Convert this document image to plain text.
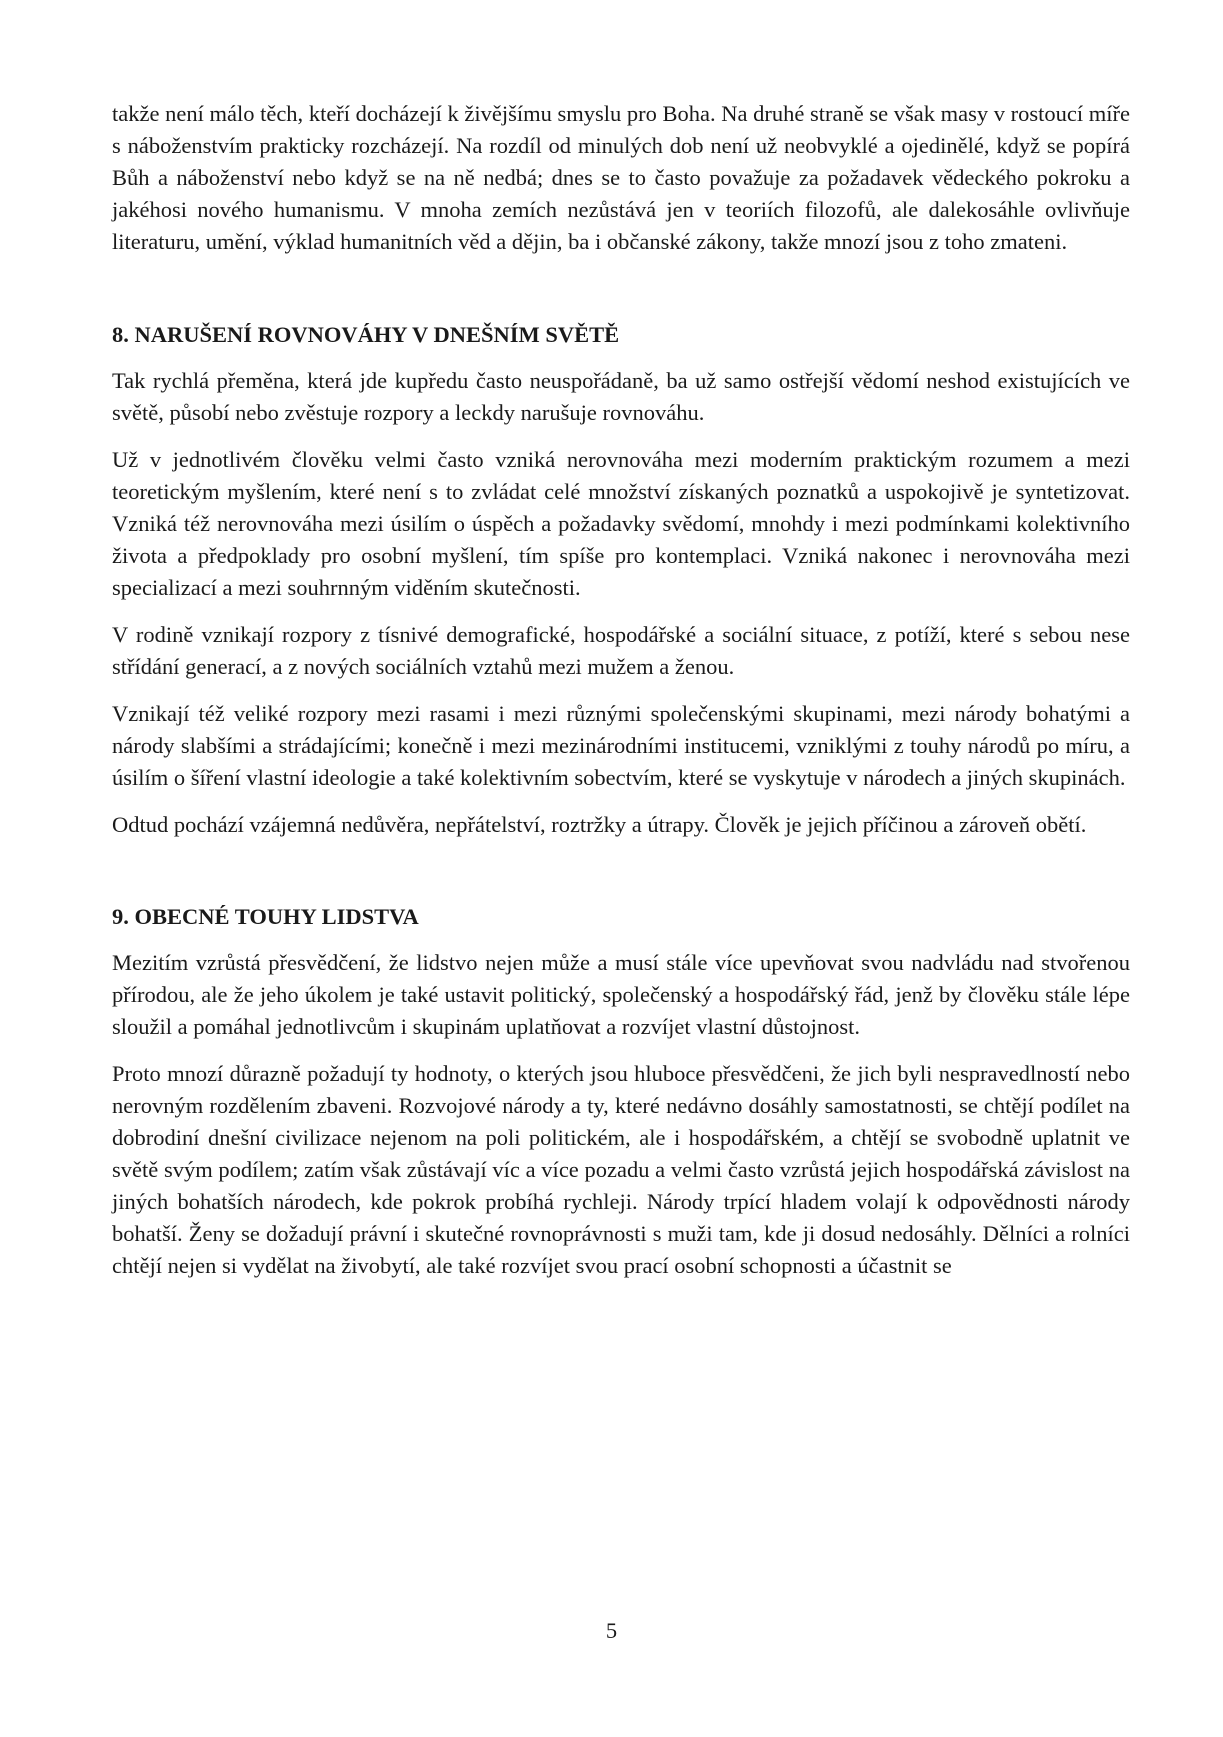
takže není málo těch, kteří docházejí k živějšímu smyslu pro Boha. Na druhé straně se však masy v rostoucí míře s náboženstvím prakticky rozcházejí. Na rozdíl od minulých dob není už neobvyklé a ojedinělé, když se popírá Bůh a náboženství nebo když se na ně nedbá; dnes se to často považuje za požadavek vědeckého pokroku a jakéhosi nového humanismu. V mnoha zemích nezůstává jen v teoriích filozofů, ale dalekosáhle ovlivňuje literaturu, umění, výklad humanitních věd a dějin, ba i občanské zákony, takže mnozí jsou z toho zmateni.

8. NARUŠENÍ ROVNOVÁHY V DNEŠNÍM SVĚTĚ

Tak rychlá přeměna, která jde kupředu často neuspořádaně, ba už samo ostřejší vědomí neshod existujících ve světě, působí nebo zvěstuje rozpory a leckdy narušuje rovnováhu.

Už v jednotlivém člověku velmi často vzniká nerovnováha mezi moderním praktickým rozumem a mezi teoretickým myšlením, které není s to zvládat celé množství získaných poznatků a uspokojivě je syntetizovat. Vzniká též nerovnováha mezi úsilím o úspěch a požadavky svědomí, mnohdy i mezi podmínkami kolektivního života a předpoklady pro osobní myšlení, tím spíše pro kontemplaci. Vzniká nakonec i nerovnováha mezi specializací a mezi souhrnným viděním skutečnosti.

V rodině vznikají rozpory z tísnivé demografické, hospodářské a sociální situace, z potíží, které s sebou nese střídání generací, a z nových sociálních vztahů mezi mužem a ženou.

Vznikají též veliké rozpory mezi rasami i mezi různými společenskými skupinami, mezi národy bohatými a národy slabšími a strádajícími; konečně i mezi mezinárodními institucemi, vzniklými z touhy národů po míru, a úsilím o šíření vlastní ideologie a také kolektivním sobectvím, které se vyskytuje v národech a jiných skupinách.

Odtud pochází vzájemná nedůvěra, nepřátelství, roztržky a útrapy. Člověk je jejich příčinou a zároveň obětí.

9. OBECNÉ TOUHY LIDSTVA

Mezitím vzrůstá přesvědčení, že lidstvo nejen může a musí stále více upevňovat svou nadvládu nad stvořenou přírodou, ale že jeho úkolem je také ustavit politický, společenský a hospodářský řád, jenž by člověku stále lépe sloužil a pomáhal jednotlivcům i skupinám uplatňovat a rozvíjet vlastní důstojnost.

Proto mnozí důrazně požadují ty hodnoty, o kterých jsou hluboce přesvědčeni, že jich byli nespravedlností nebo nerovným rozdělením zbaveni. Rozvojové národy a ty, které nedávno dosáhly samostatnosti, se chtějí podílet na dobrodiní dnešní civilizace nejenom na poli politickém, ale i hospodářském, a chtějí se svobodně uplatnit ve světě svým podílem; zatím však zůstávají víc a více pozadu a velmi často vzrůstá jejich hospodářská závislost na jiných bohatších národech, kde pokrok probíhá rychleji. Národy trpící hladem volají k odpovědnosti národy bohatší. Ženy se dožadují právní i skutečné rovnoprávnosti s muži tam, kde ji dosud nedosáhly. Dělníci a rolníci chtějí nejen si vydělat na živobytí, ale také rozvíjet svou prací osobní schopnosti a účastnit se

5
